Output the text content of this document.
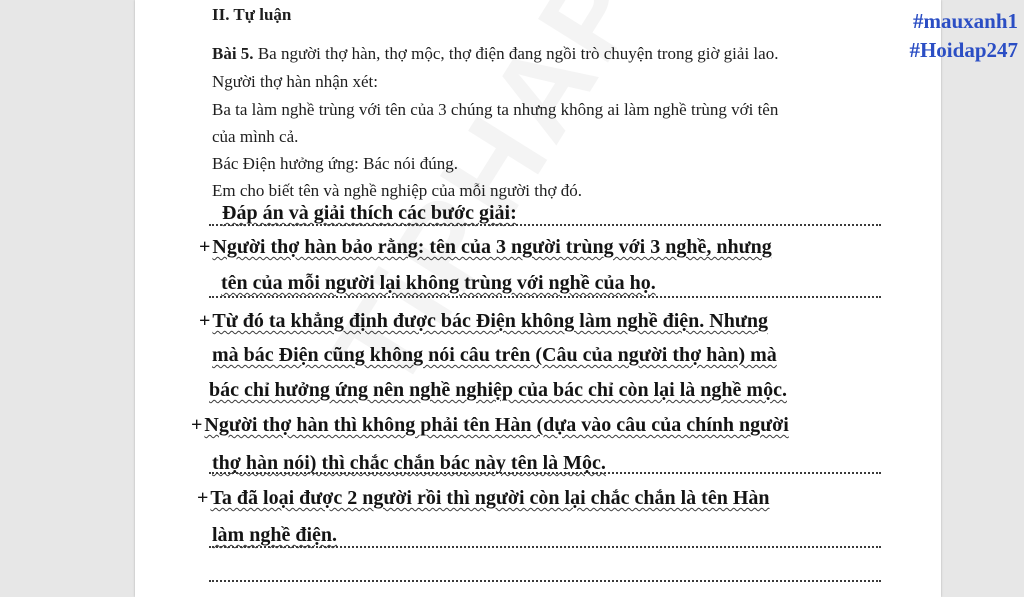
II. Tự luận

Bài 5. Ba người thợ hàn, thợ mộc, thợ điện đang ngồi trò chuyện trong giờ giải lao.

Người thợ hàn nhận xét:

Ba ta làm nghề trùng với tên của 3 chúng ta nhưng không ai làm nghề trùng với tên

của mình cả.

Bác Điện hưởng ứng: Bác nói đúng.

Em cho biết tên và nghề nghiệp của mỗi người thợ đó.

Đáp án và giải thích các bước giải:

+ Người thợ hàn bảo rằng: tên của 3 người trùng với 3 nghề, nhưng

tên của mỗi người lại không trùng với nghề của họ.

+ Từ đó ta khẳng định được bác Điện không làm nghề điện. Nhưng

mà bác Điện cũng không nói câu trên (Câu của người thợ hàn) mà

bác chỉ hưởng ứng nên nghề nghiệp của bác chỉ còn lại là nghề mộc.

+ Người thợ hàn thì không phải tên Hàn (dựa vào câu của chính người

thợ hàn nói) thì chắc chắn bác này tên là Mộc.

+ Ta đã loại được 2 người rồi thì người còn lại chắc chắn là tên Hàn

làm nghề điện.

#mauxanh1

#Hoidap247
